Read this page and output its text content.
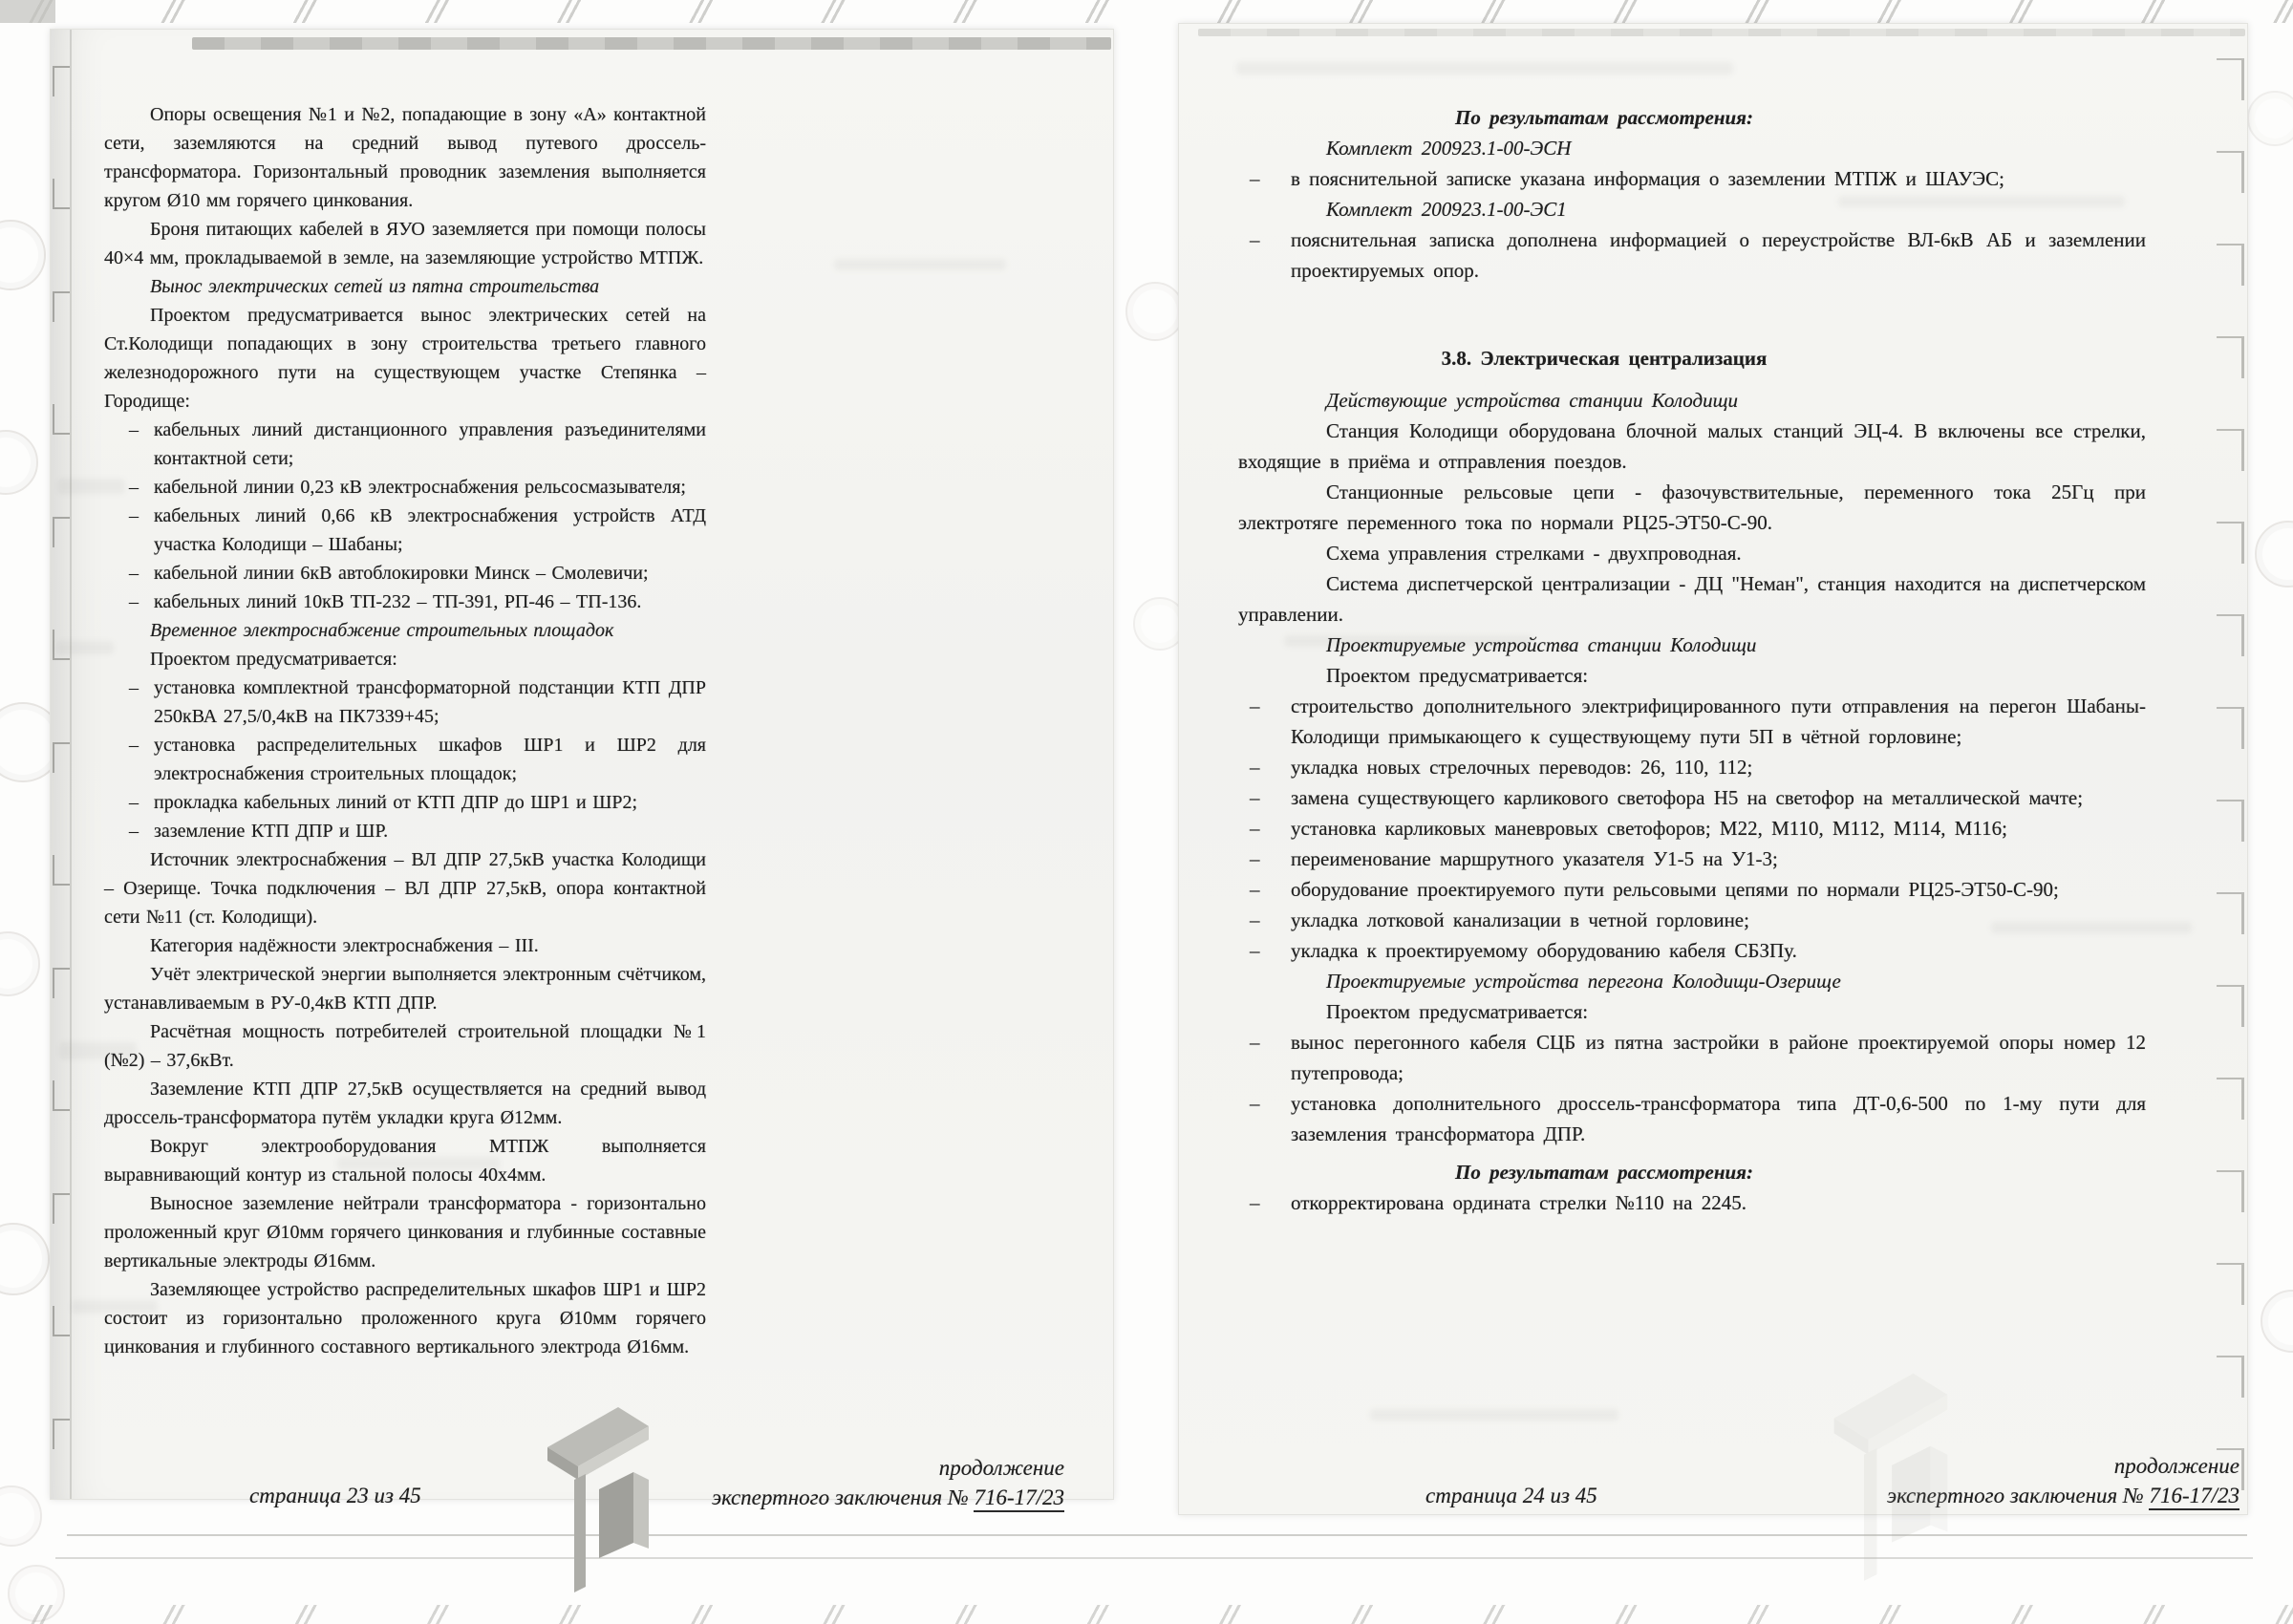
Опоры освещения №1 и №2, попадающие в зону «А» контактной сети, заземляются на средний вывод путевого дроссель-трансформатора. Горизонтальный проводник заземления выполняется кругом Ø10 мм горячего цинкования.
Броня питающих кабелей в ЯУО заземляется при помощи полосы 40×4 мм, прокладываемой в земле, на заземляющие устройство МТПЖ.
Вынос электрических сетей из пятна строительства
Проектом предусматривается вынос электрических сетей на Ст.Колодищи попадающих в зону строительства третьего главного железнодорожного пути на существующем участке Степянка – Городище:
– кабельных линий дистанционного управления разъединителями контактной сети;
– кабельной линии 0,23 кВ электроснабжения рельсосмазывателя;
– кабельных линий 0,66 кВ электроснабжения устройств АТД участка Колодищи – Шабаны;
– кабельной линии 6кВ автоблокировки Минск – Смолевичи;
– кабельных линий 10кВ ТП-232 – ТП-391, РП-46 – ТП-136.
Временное электроснабжение строительных площадок
Проектом предусматривается:
– установка комплектной трансформаторной подстанции КТП ДПР 250кВА 27,5/0,4кВ на ПК7339+45;
– установка распределительных шкафов ШР1 и ШР2 для электроснабжения строительных площадок;
– прокладка кабельных линий от КТП ДПР до ШР1 и ШР2;
– заземление КТП ДПР и ШР.
Источник электроснабжения – ВЛ ДПР 27,5кВ участка Колодищи – Озерище. Точка подключения – ВЛ ДПР 27,5кВ, опора контактной сети №11 (ст. Колодищи).
Категория надёжности электроснабжения – III.
Учёт электрической энергии выполняется электронным счётчиком, устанавливаемым в РУ-0,4кВ КТП ДПР.
Расчётная мощность потребителей строительной площадки №1 (№2) – 37,6кВт.
Заземление КТП ДПР 27,5кВ осуществляется на средний вывод дроссель-трансформатора путём укладки круга Ø12мм.
Вокруг электрооборудования МТПЖ выполняется выравнивающий контур из стальной полосы 40х4мм.
Выносное заземление нейтрали трансформатора - горизонтально проложенный круг Ø10мм горячего цинкования и глубинные составные вертикальные электроды Ø16мм.
Заземляющее устройство распределительных шкафов ШР1 и ШР2 состоит из горизонтально проложенного круга Ø10мм горячего цинкования и глубинного составного вертикального электрода Ø16мм.
страница 23 из 45
продолжение
экспертного заключения № 716-17/23
По результатам рассмотрения:
Комплект 200923.1-00-ЭСН
– в пояснительной записке указана информация о заземлении МТПЖ и ШАУЭС;
Комплект 200923.1-00-ЭС1
– пояснительная записка дополнена информацией о переустройстве ВЛ-6кВ АБ и заземлении проектируемых опор.
3.8. Электрическая централизация
Действующие устройства станции Колодищи
Станция Колодищи оборудована блочной малых станций ЭЦ-4. В включены все стрелки, входящие в приёма и отправления поездов.
Станционные рельсовые цепи - фазочувствительные, переменного тока 25Гц при электротяге переменного тока по нормали РЦ25-ЭТ50-С-90.
Схема управления стрелками - двухпроводная.
Система диспетчерской централизации - ДЦ "Неман", станция находится на диспетчерском управлении.
Проектируемые устройства станции Колодищи
Проектом предусматривается:
– строительство дополнительного электрифицированного пути отправления на перегон Шабаны-Колодищи примыкающего к существующему пути 5П в чётной горловине;
– укладка новых стрелочных переводов: 26, 110, 112;
– замена существующего карликового светофора Н5 на светофор на металлической мачте;
– установка карликовых маневровых светофоров; М22, М110, М112, М114, М116;
– переименование маршрутного указателя У1-5 на У1-3;
– оборудование проектируемого пути рельсовыми цепями по нормали РЦ25-ЭТ50-С-90;
– укладка лотковой канализации в четной горловине;
– укладка к проектируемому оборудованию кабеля СБЗПу.
Проектируемые устройства перегона Колодищи-Озерище
Проектом предусматривается:
– вынос перегонного кабеля СЦБ из пятна застройки в районе проектируемой опоры номер 12 путепровода;
– установка дополнительного дроссель-трансформатора типа ДТ-0,6-500 по 1-му пути для заземления трансформатора ДПР.
По результатам рассмотрения:
– откорректирована ордината стрелки №110 на 2245.
страница 24 из 45
продолжение
экспертного заключения № 716-17/23
